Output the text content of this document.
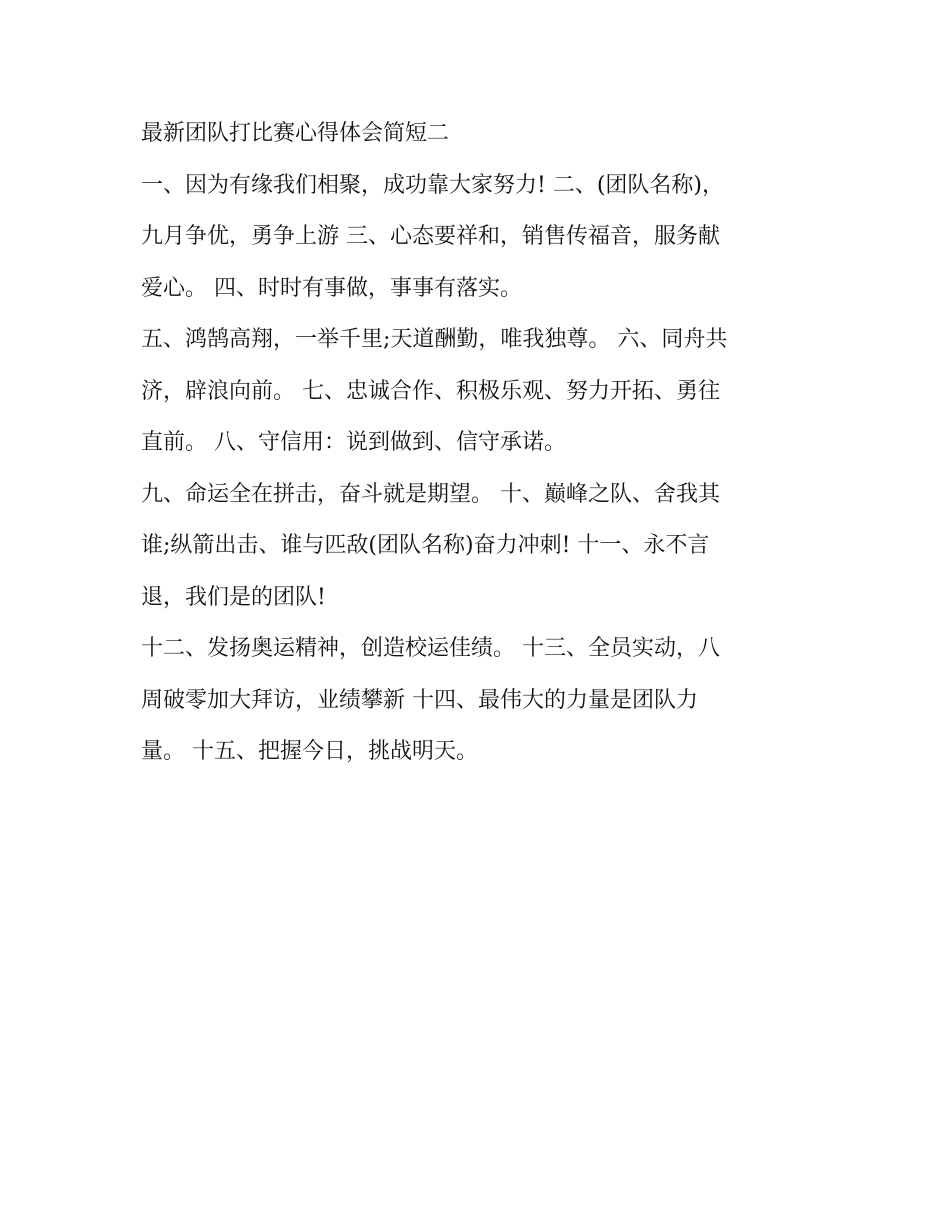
最新团队打比赛心得体会简短二

一、因为有缘我们相聚，成功靠大家努力! 二、(团队名称)，
九月争优，勇争上游 三、心态要祥和，销售传福音，服务献
爱心。 四、时时有事做，事事有落实。

五、鸿鹄高翔，一举千里;天道酬勤，唯我独尊。 六、同舟共
济，辟浪向前。 七、忠诚合作、积极乐观、努力开拓、勇往
直前。 八、守信用：说到做到、信守承诺。

九、命运全在拼击，奋斗就是期望。 十、巅峰之队、舍我其
谁;纵箭出击、谁与匹敌(团队名称)奋力冲刺! 十一、永不言
退，我们是的团队!

十二、发扬奥运精神，创造校运佳绩。 十三、全员实动，八
周破零加大拜访，业绩攀新 十四、最伟大的力量是团队力
量。 十五、把握今日，挑战明天。
